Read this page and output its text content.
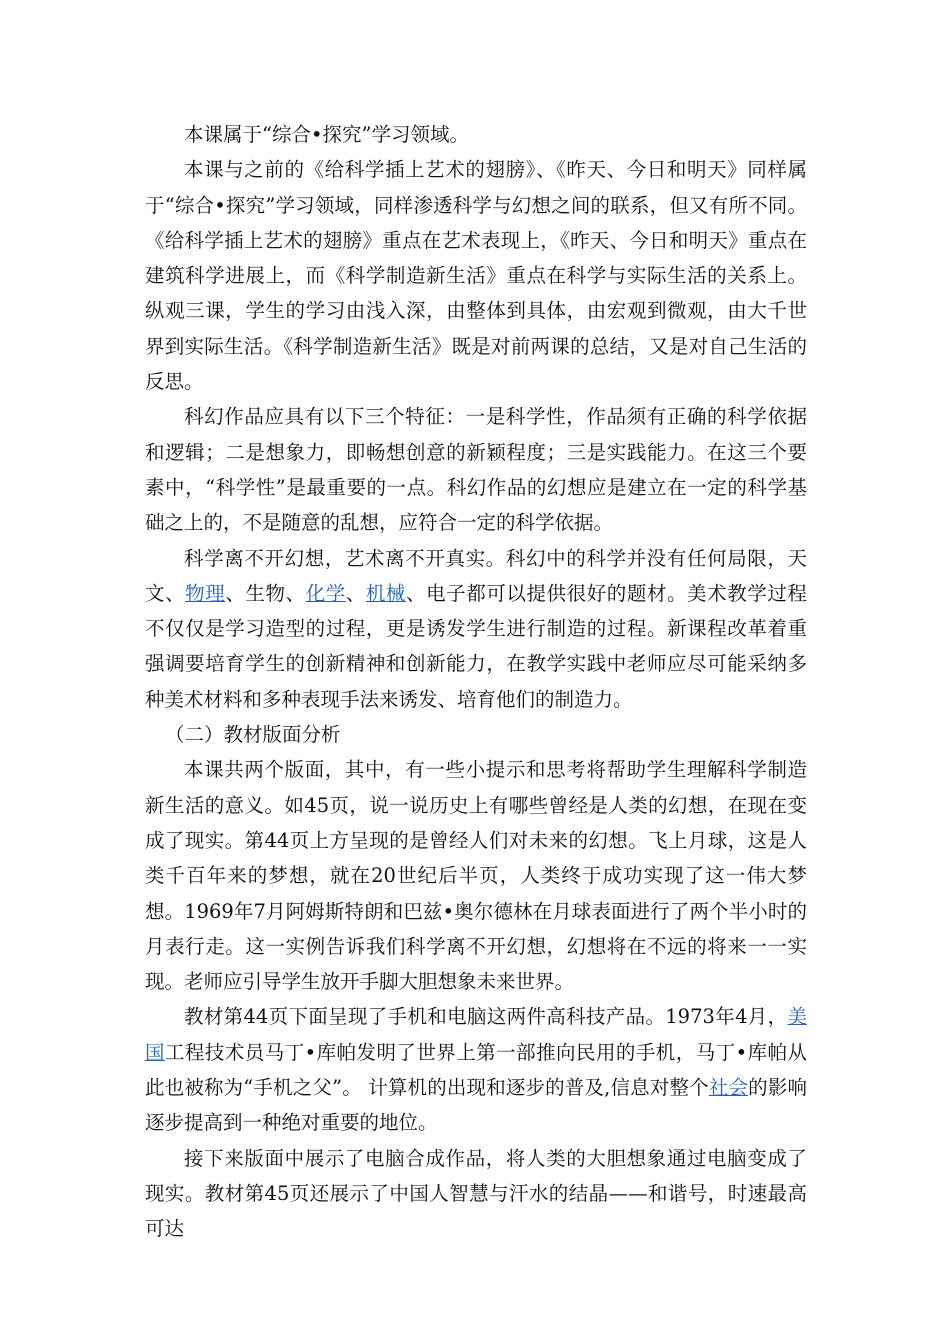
本课属于“综合•探究”学习领域。

本课与之前的《给科学插上艺术的翅膀》、《昨天、今日和明天》同样属于“综合•探究”学习领域，同样渗透科学与幻想之间的联系，但又有所不同。《给科学插上艺术的翅膀》重点在艺术表现上，《昨天、今日和明天》重点在建筑科学进展上，而《科学制造新生活》重点在科学与实际生活的关系上。纵观三课，学生的学习由浅入深，由整体到具体，由宏观到微观，由大千世界到实际生活。《科学制造新生活》既是对前两课的总结，又是对自己生活的反思。

科幻作品应具有以下三个特征：一是科学性，作品须有正确的科学依据和逻辑；二是想象力，即畅想创意的新颖程度；三是实践能力。在这三个要素中，“科学性”是最重要的一点。科幻作品的幻想应是建立在一定的科学基础之上的，不是随意的乱想，应符合一定的科学依据。

科学离不开幻想，艺术离不开真实。科幻中的科学并没有任何局限，天文、物理、生物、化学、机械、电子都可以提供很好的题材。美术教学过程不仅仅是学习造型的过程，更是诱发学生进行制造的过程。新课程改革着重强调要培育学生的创新精神和创新能力，在教学实践中老师应尽可能采纳多种美术材料和多种表现手法来诱发、培育他们的制造力。

（二）教材版面分析

本课共两个版面，其中，有一些小提示和思考将帮助学生理解科学制造新生活的意义。如45页，说一说历史上有哪些曾经是人类的幻想，在现在变成了现实。第44页上方呈现的是曾经人们对未来的幻想。飞上月球，这是人类千百年来的梦想，就在20世纪后半页，人类终于成功实现了这一伟大梦想。1969年7月阿姆斯特朗和巴兹•奥尔德林在月球表面进行了两个半小时的月表行走。这一实例告诉我们科学离不开幻想，幻想将在不远的将来一一实现。老师应引导学生放开手脚大胆想象未来世界。

教材第44页下面呈现了手机和电脑这两件高科技产品。1973年4月，美国工程技术员马丁•库帕发明了世界上第一部推向民用的手机，马丁•库帕从此也被称为“手机之父”。 计算机的出现和逐步的普及,信息对整个社会的影响逐步提高到一种绝对重要的地位。

接下来版面中展示了电脑合成作品，将人类的大胆想象通过电脑变成了现实。教材第45页还展示了中国人智慧与汗水的结晶——和谐号，时速最高可达
